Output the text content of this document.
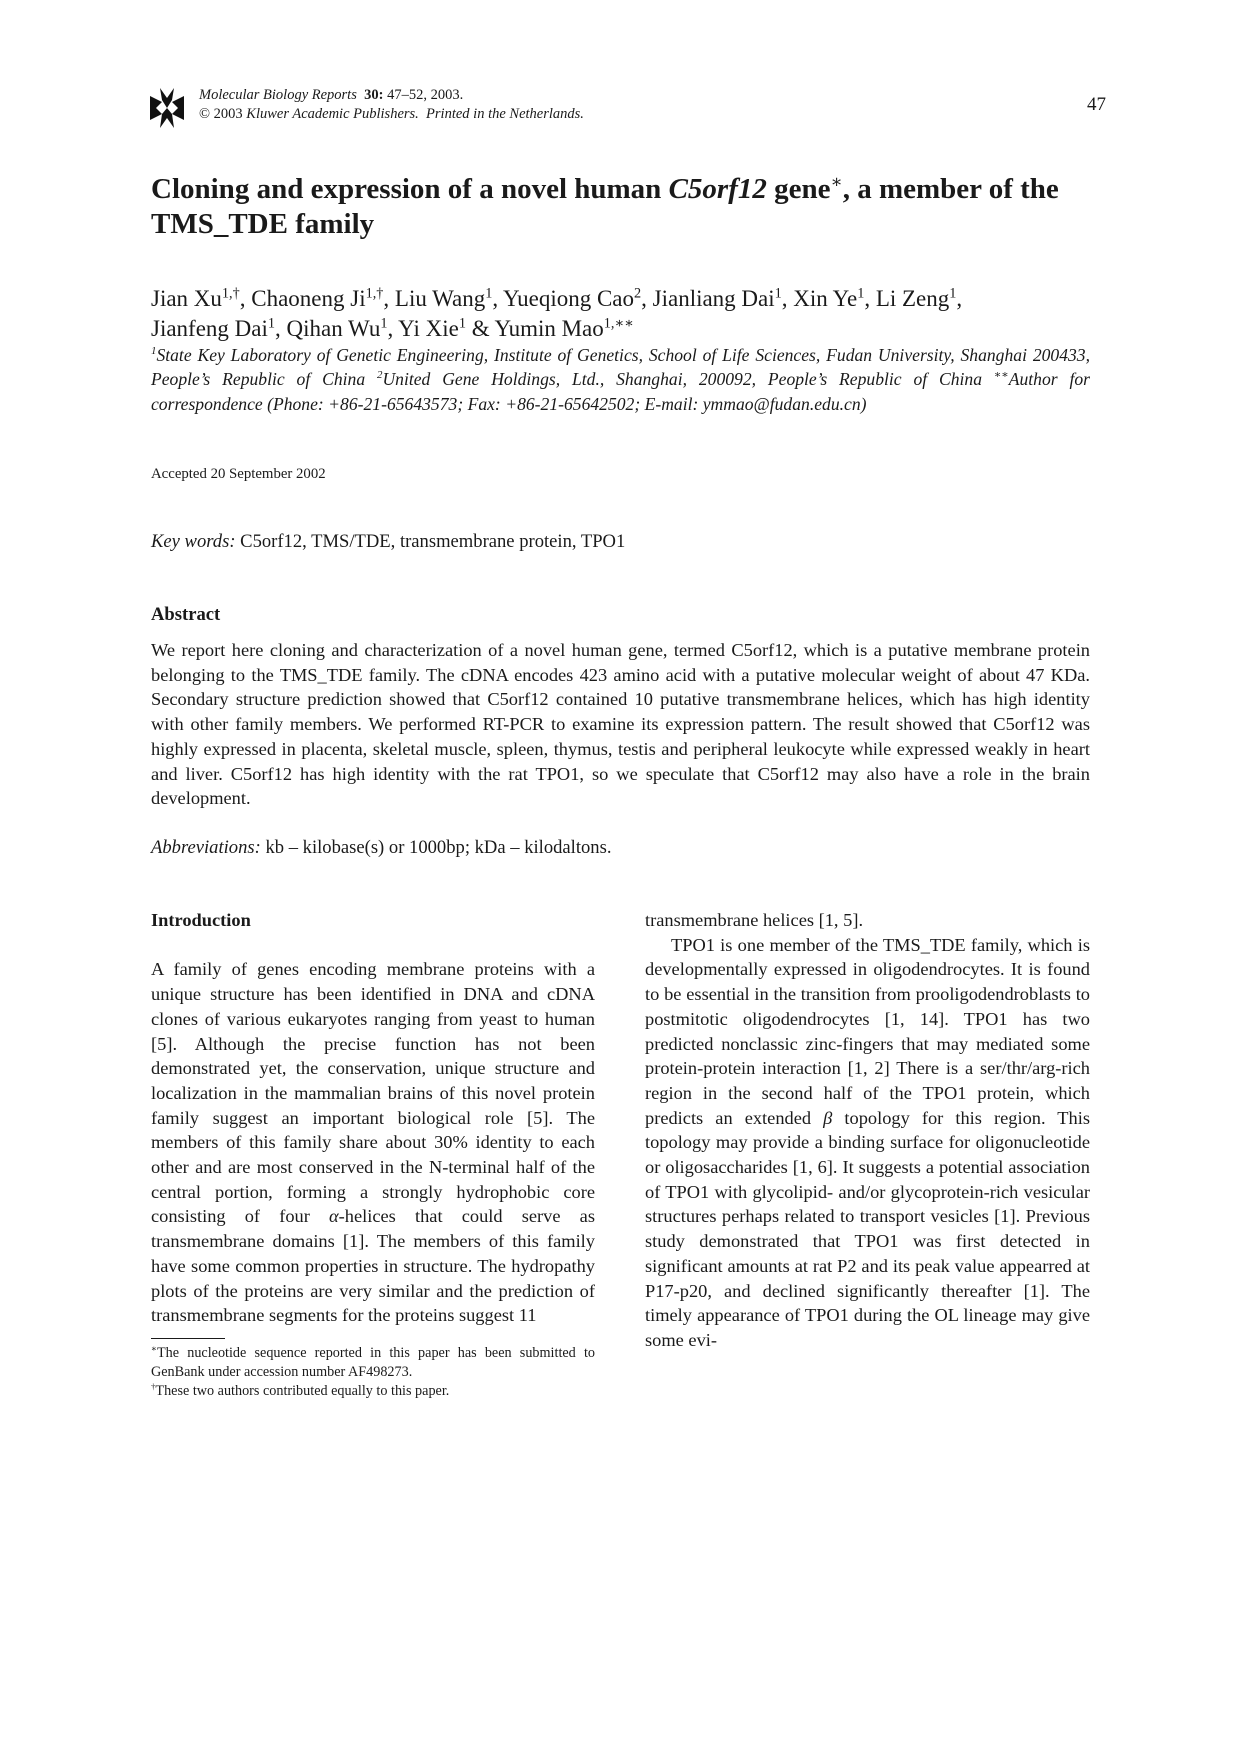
Molecular Biology Reports 30: 47–52, 2003.
© 2003 Kluwer Academic Publishers. Printed in the Netherlands.	47
Cloning and expression of a novel human C5orf12 gene∗, a member of the TMS_TDE family
Jian $Xu^{1,\dagger}$, Chaoneng $Ji^{1,\dagger}$, Liu Wang$^1$, Yueqiong Cao$^2$, Jianliang Dai$^1$, Xin Ye$^1$, Li Zeng$^1$,
Jianfeng Dai$^1$, Qihan Wu$^1$, Yi Xie$^1$ & Yumin Mao$^{1,∗∗}$
$^1$State Key Laboratory of Genetic Engineering, Institute of Genetics, School of Life Sciences, Fudan University, Shanghai 200433, People’s Republic of China $^2$United Gene Holdings, Ltd., Shanghai, 200092, People’s Republic of China ∗∗Author for correspondence (Phone: +86-21-65643573; Fax: +86-21-65642502; E-mail: ymmao@fudan.edu.cn)
Accepted 20 September 2002
Key words: C5orf12, TMS/TDE, transmembrane protein, TPO1
Abstract
We report here cloning and characterization of a novel human gene, termed C5orf12, which is a putative membrane protein belonging to the TMS_TDE family. The cDNA encodes 423 amino acid with a putative molecular weight of about 47 KDa. Secondary structure prediction showed that C5orf12 contained 10 putative transmembrane helices, which has high identity with other family members. We performed RT-PCR to examine its expression pattern. The result showed that C5orf12 was highly expressed in placenta, skeletal muscle, spleen, thymus, testis and peripheral leukocyte while expressed weakly in heart and liver. C5orf12 has high identity with the rat TPO1, so we speculate that C5orf12 may also have a role in the brain development.
Abbreviations: kb – kilobase(s) or 1000bp; kDa – kilodaltons.

Introduction

A family of genes encoding membrane proteins with a unique structure has been identified in DNA and cDNA clones of various eukaryotes ranging from yeast to human [5]. Although the precise function has not been demonstrated yet, the conservation, unique structure and localization in the mammalian brains of this novel protein family suggest an important biological role [5]. The members of this family share about 30% identity to each other and are most conserved in the N-terminal half of the central portion, forming a strongly hydrophobic core consisting of four α-helices that could serve as transmembrane domains [1]. The members of this family have some common properties in structure. The hydropathy plots of the proteins are very similar and the prediction of transmembrane segments for the proteins suggest 11

transmembrane helices [1, 5].

TPO1 is one member of the TMS_TDE family, which is developmentally expressed in oligodendrocytes. It is found to be essential in the transition from prooligodendroblasts to postmitotic oligodendrocytes [1, 14]. TPO1 has two predicted nonclassic zinc-fingers that may mediated some protein-protein interaction [1, 2] There is a ser/thr/arg-rich region in the second half of the TPO1 protein, which predicts an extended β topology for this region. This topology may provide a binding surface for oligonucleotide or oligosaccharides [1, 6]. It suggests a potential association of TPO1 with glycolipid- and/or glycoprotein-rich vesicular structures perhaps related to transport vesicles [1]. Previous study demonstrated that TPO1 was first detected in significant amounts at rat P2 and its peak value appearred at P17-p20, and declined significantly thereafter [1]. The timely appearance of TPO1 during the OL lineage may give some evi-

∗The nucleotide sequence reported in this paper has been submitted to GenBank under accession number AF498273.

†These two authors contributed equally to this paper.
